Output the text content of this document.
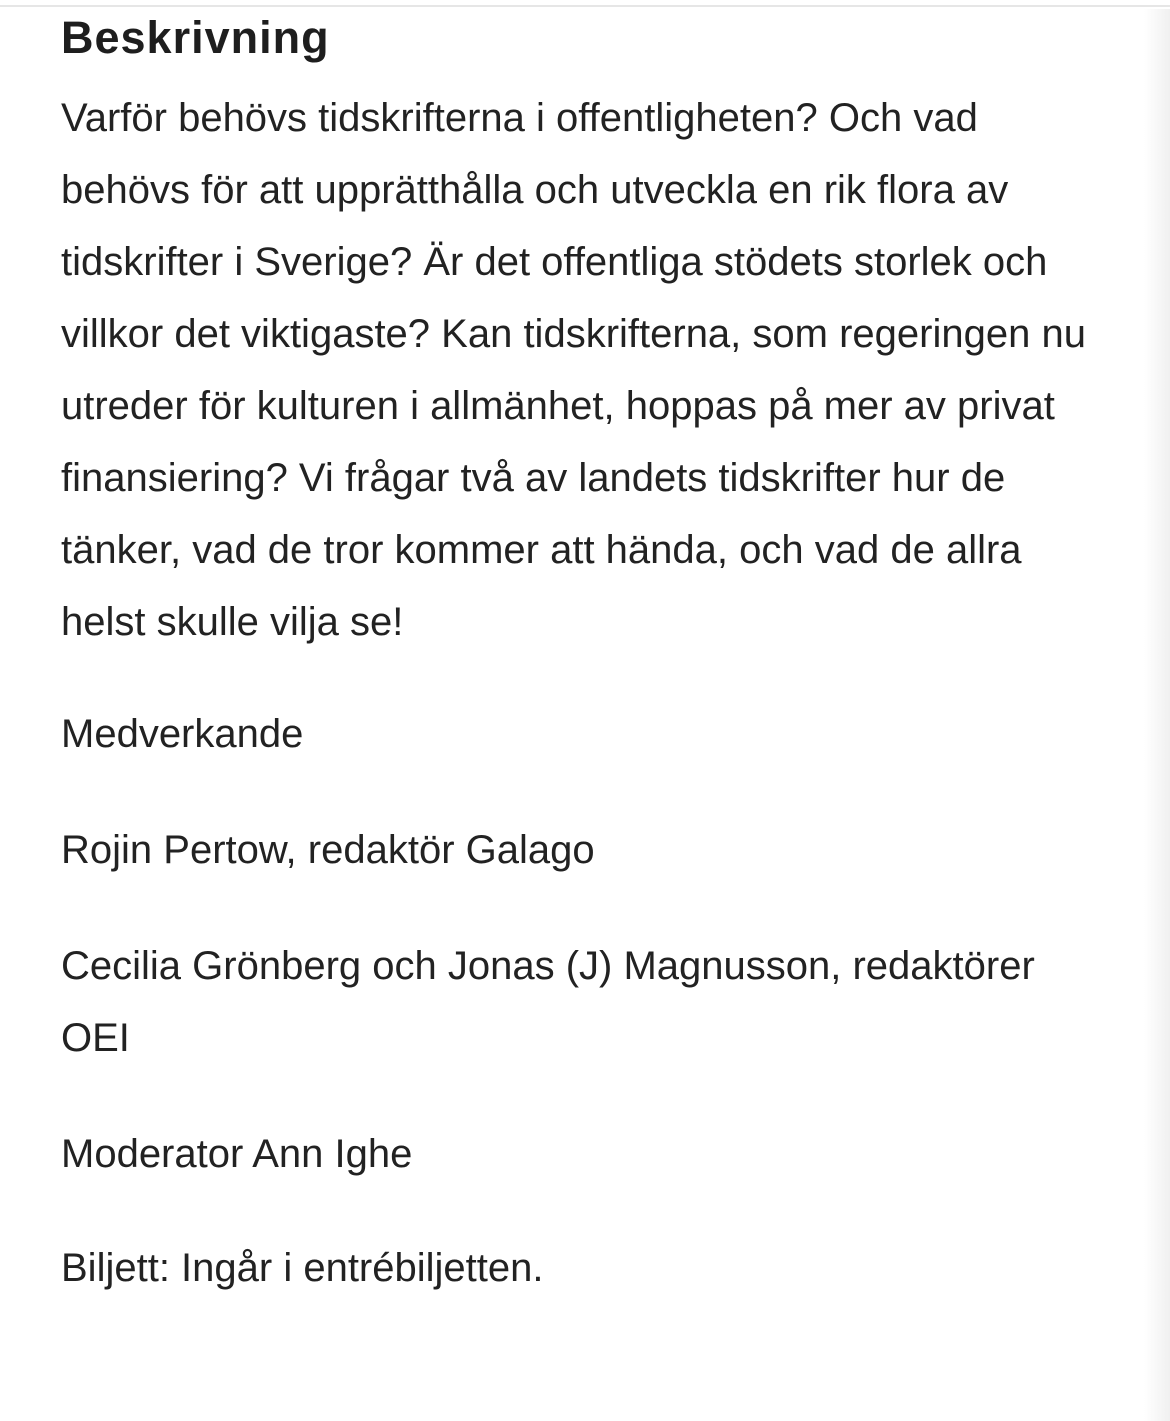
Beskrivning

Varför behövs tidskrifterna i offentligheten? Och vad behövs för att upprätthålla och utveckla en rik flora av tidskrifter i Sverige? Är det offentliga stödets storlek och villkor det viktigaste? Kan tidskrifterna, som regeringen nu utreder för kulturen i allmänhet, hoppas på mer av privat finansiering? Vi frågar två av landets tidskrifter hur de tänker, vad de tror kommer att hända, och vad de allra helst skulle vilja se!

Medverkande

Rojin Pertow, redaktör Galago

Cecilia Grönberg och Jonas (J) Magnusson, redaktörer OEI

Moderator Ann Ighe

Biljett: Ingår i entrébiljetten.
